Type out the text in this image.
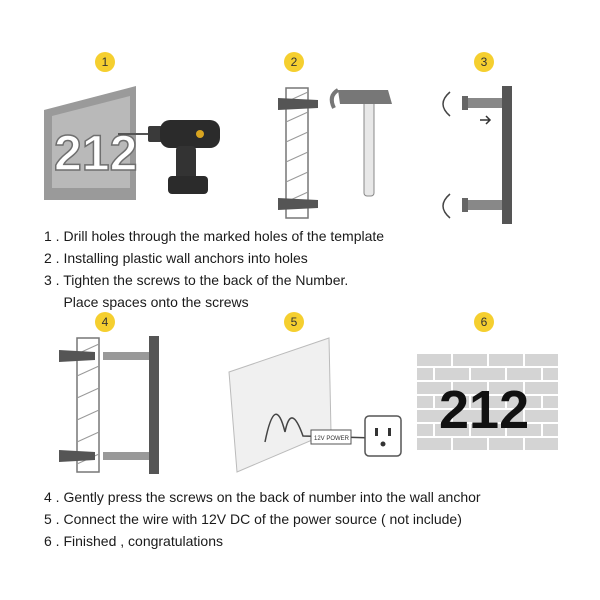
1	2	3
4	5	6
212
1 . Drill holes through the marked holes of the template
2 . Installing plastic wall anchors into holes
3 . Tighten the screws to the back of the Number.
Place spaces onto the screws
12V POWER 212
4 . Gently press the screws on the back of number into the wall anchor
5 . Connect the wire with 12V DC of the power source ( not include)
6 . Finished , congratulations
